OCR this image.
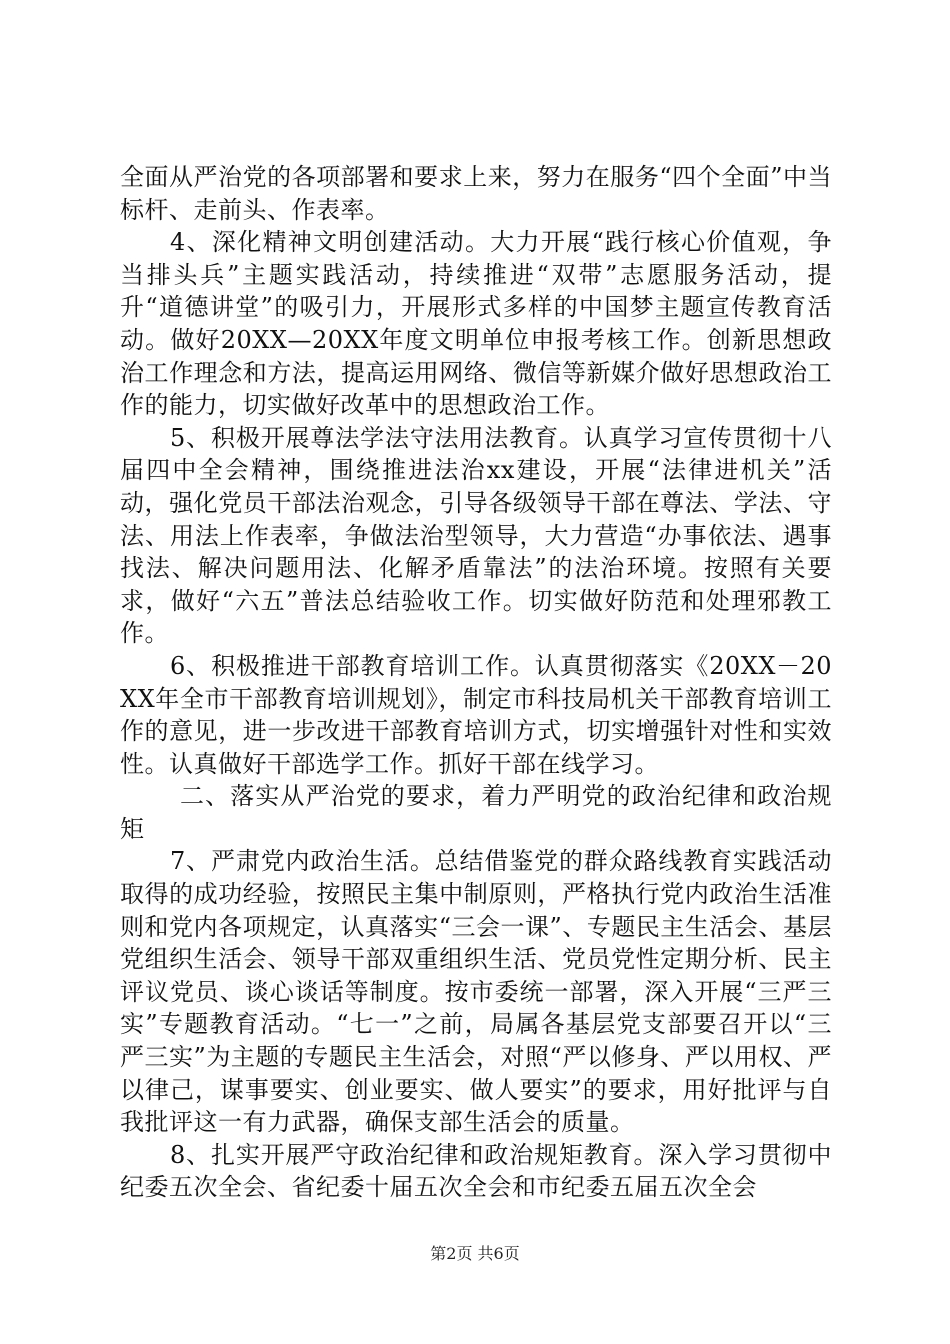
全面从严治党的各项部署和要求上来，努力在服务“四个全面”中当标杆、走前头、作表率。

4、深化精神文明创建活动。大力开展“践行核心价值观，争当排头兵”主题实践活动，持续推进“双带”志愿服务活动，提升“道德讲堂”的吸引力，开展形式多样的中国梦主题宣传教育活动。做好20XX—20XX年度文明单位申报考核工作。创新思想政治工作理念和方法，提高运用网络、微信等新媒介做好思想政治工作的能力，切实做好改革中的思想政治工作。

5、积极开展尊法学法守法用法教育。认真学习宣传贯彻十八届四中全会精神，围绕推进法治xx建设，开展“法律进机关”活动，强化党员干部法治观念，引导各级领导干部在尊法、学法、守法、用法上作表率，争做法治型领导，大力营造“办事依法、遇事找法、解决问题用法、化解矛盾靠法”的法治环境。按照有关要求，做好“六五”普法总结验收工作。切实做好防范和处理邪教工作。

6、积极推进干部教育培训工作。认真贯彻落实《20XX－20XX年全市干部教育培训规划》，制定市科技局机关干部教育培训工作的意见，进一步改进干部教育培训方式，切实增强针对性和实效性。认真做好干部选学工作。抓好干部在线学习。

二、落实从严治党的要求，着力严明党的政治纪律和政治规矩

7、严肃党内政治生活。总结借鉴党的群众路线教育实践活动取得的成功经验，按照民主集中制原则，严格执行党内政治生活准则和党内各项规定，认真落实“三会一课”、专题民主生活会、基层党组织生活会、领导干部双重组织生活、党员党性定期分析、民主评议党员、谈心谈话等制度。按市委统一部署，深入开展“三严三实”专题教育活动。“七一”之前，局属各基层党支部要召开以“三严三实”为主题的专题民主生活会，对照“严以修身、严以用权、严以律己，谋事要实、创业要实、做人要实”的要求，用好批评与自我批评这一有力武器，确保支部生活会的质量。

8、扎实开展严守政治纪律和政治规矩教育。深入学习贯彻中纪委五次全会、省纪委十届五次全会和市纪委五届五次全会

第2页 共6页
